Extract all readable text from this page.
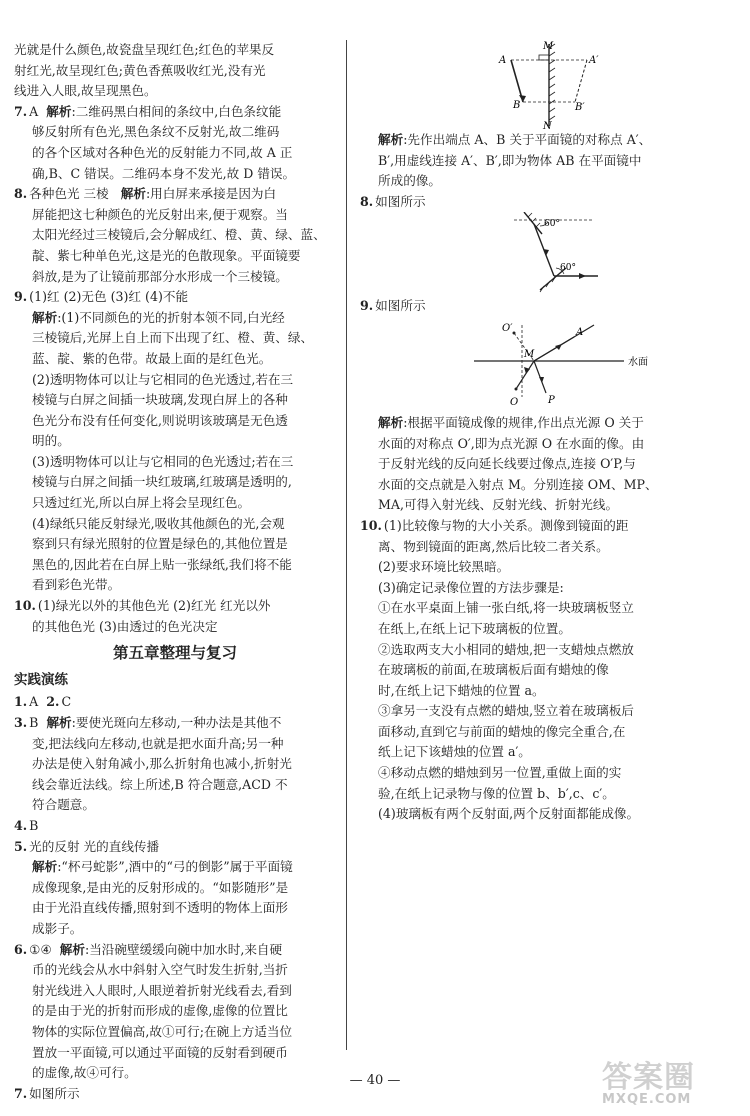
光就是什么颜色,故瓷盘呈现红色;红色的苹果反

射红光,故呈现红色;黄色香蕉吸收红光,没有光

线进入人眼,故呈现黑色。

7. A 解析:二维码黑白相间的条纹中,白色条纹能

够反射所有色光,黑色条纹不反射光,故二维码

的各个区域对各种色光的反射能力不同,故 A 正

确,B、C 错误。二维码本身不发光,故 D 错误。

8. 各种色光 三棱 解析:用白屏来承接是因为白

屏能把这七种颜色的光反射出来,便于观察。当

太阳光经过三棱镜后,会分解成红、橙、黄、绿、蓝、

靛、紫七种单色光,这是光的色散现象。平面镜要

斜放,是为了让镜前那部分水形成一个三棱镜。

9. (1)红 (2)无色 (3)红 (4)不能

解析:(1)不同颜色的光的折射本领不同,白光经

三棱镜后,光屏上自上而下出现了红、橙、黄、绿、

蓝、靛、紫的色带。故最上面的是红色光。

(2)透明物体可以让与它相同的色光透过,若在三

棱镜与白屏之间插一块玻璃,发现白屏上的各种

色光分布没有任何变化,则说明该玻璃是无色透

明的。

(3)透明物体可以让与它相同的色光透过;若在三

棱镜与白屏之间插一块红玻璃,红玻璃是透明的,

只透过红光,所以白屏上将会呈现红色。

(4)绿纸只能反射绿光,吸收其他颜色的光,会观

察到只有绿光照射的位置是绿色的,其他位置是

黑色的,因此若在白屏上贴一张绿纸,我们将不能

看到彩色光带。

10. (1)绿光以外的其他色光 (2)红光 红光以外

的其他色光 (3)由透过的色光决定

第五章整理与复习
实践演练

1. A 2. C

3. B 解析:要使光斑向左移动,一种办法是其他不

变,把法线向左移动,也就是把水面升高;另一种

办法是使入射角减小,那么折射角也减小,折射光

线会靠近法线。综上所述,B 符合题意,ACD 不

符合题意。

4. B

5. 光的反射 光的直线传播

解析:“杯弓蛇影”,酒中的“弓的倒影”属于平面镜

成像现象,是由光的反射形成的。“如影随形”是

由于光沿直线传播,照射到不透明的物体上面形

成影子。

6. ①④ 解析:当沿碗壁缓缓向碗中加水时,来自硬

币的光线会从水中斜射入空气时发生折射,当折

射光线进入人眼时,人眼逆着折射光线看去,看到

的是由于光的折射而形成的虚像,虚像的位置比

物体的实际位置偏高,故①可行;在碗上方适当位

置放一平面镜,可以通过平面镜的反射看到硬币

的虚像,故④可行。

7. 如图所示

M
N
A	A′
B	B′

解析:先作出端点 A、B 关于平面镜的对称点 A′、

B′,用虚线连接 A′、B′,即为物体 AB 在平面镜中

所成的像。

8. 如图所示

60°
60°

9. 如图所示

O′
M
A
O	P
水面

解析:根据平面镜成像的规律,作出点光源 O 关于

水面的对称点 O′,即为点光源 O 在水面的像。由

于反射光线的反向延长线要过像点,连接 O′P,与

水面的交点就是入射点 M。分别连接 OM、MP、

MA,可得入射光线、反射光线、折射光线。

10. (1)比较像与物的大小关系。测像到镜面的距

离、物到镜面的距离,然后比较二者关系。

(2)要求环境比较黑暗。

(3)确定记录像位置的方法步骤是:

①在水平桌面上铺一张白纸,将一块玻璃板竖立

在纸上,在纸上记下玻璃板的位置。

②选取两支大小相同的蜡烛,把一支蜡烛点燃放

在玻璃板的前面,在玻璃板后面有蜡烛的像

时,在纸上记下蜡烛的位置 a。

③拿另一支没有点燃的蜡烛,竖立着在玻璃板后

面移动,直到它与前面的蜡烛的像完全重合,在

纸上记下该蜡烛的位置 a′。

④移动点燃的蜡烛到另一位置,重做上面的实

验,在纸上记录物与像的位置 b、b′,c、c′。

(4)玻璃板有两个反射面,两个反射面都能成像。

— 40 —	答案圈
MXQE.COM
